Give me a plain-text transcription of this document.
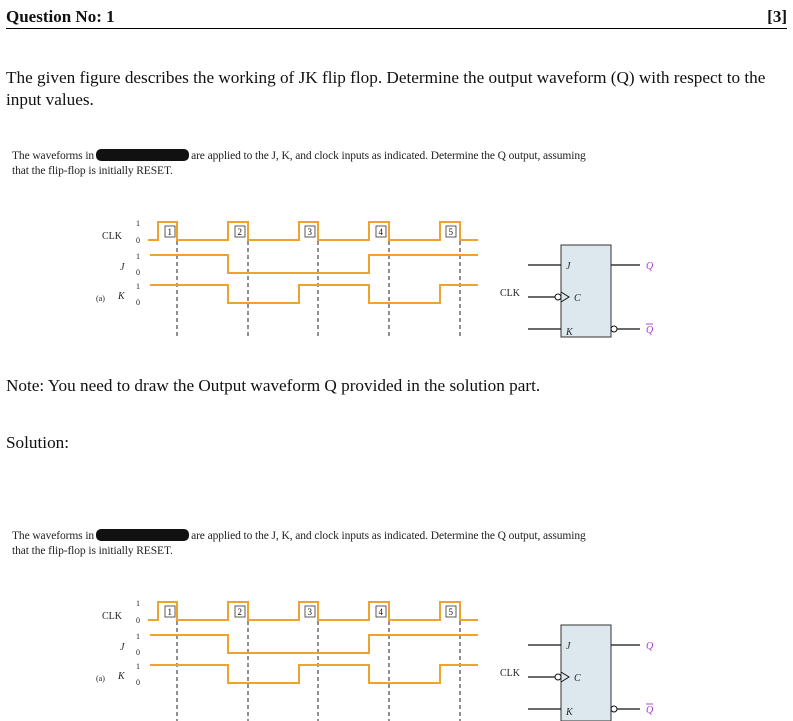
Question No: 1	[3]
The given figure describes the working of JK flip flop. Determine the output waveform (Q) with respect to the input values.
The waveforms in	are applied to the J, K, and clock inputs as indicated. Determine the Q output, assuming
that the flip-flop is initially RESET.
1	2	3	4	5
CLK
1
0
J
1
0
(a) K
1
0
J
C
K
Q
Q
CLK
Note: You need to draw the Output waveform Q provided in the solution part.
Solution:
The waveforms in	are applied to the J, K, and clock inputs as indicated. Determine the Q output, assuming
that the flip-flop is initially RESET.
1	2	3	4	5
CLK
1
0
J
1
0
(a) K
1
0
J
C
K
Q
Q
CLK
